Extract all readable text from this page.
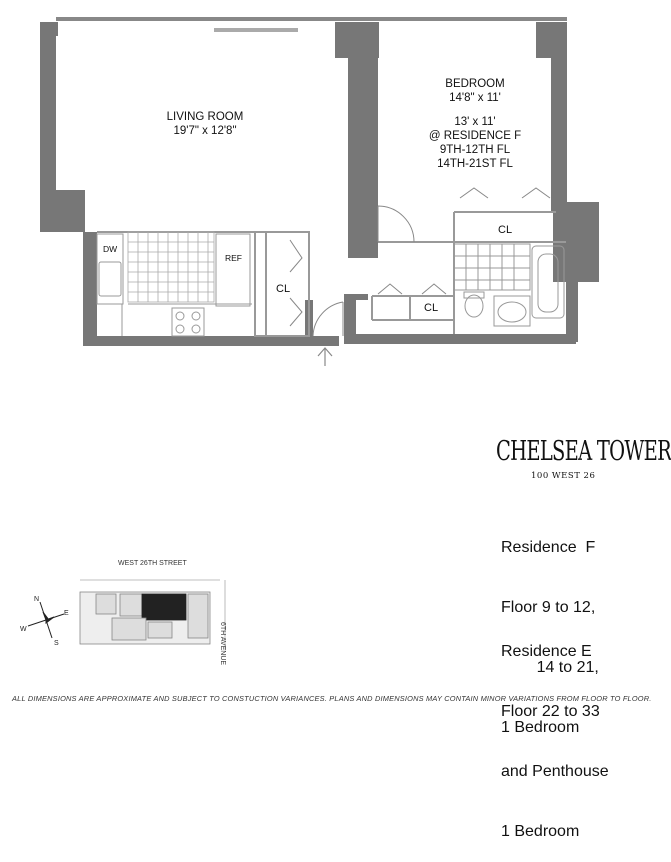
LIVING ROOM
19'7" x 12'8"
BEDROOM
14'8" x 11'
13' x 11'
@ RESIDENCE F
9TH-12TH FL
14TH-21ST FL
CL
CL
CL
DW
REF
CHELSEA TOWER
100 WEST 26

Residence  F

Floor 9 to 12,

14 to 21,

1 Bedroom

Residence E

Floor 22 to 33

and Penthouse

1 Bedroom

WEST 26TH STREET
6TH AVENUE
N
S
E
W
ALL DIMENSIONS ARE APPROXIMATE AND SUBJECT TO CONSTUCTION VARIANCES. PLANS AND DIMENSIONS MAY CONTAIN MINOR VARIATIONS FROM FLOOR TO FLOOR.
